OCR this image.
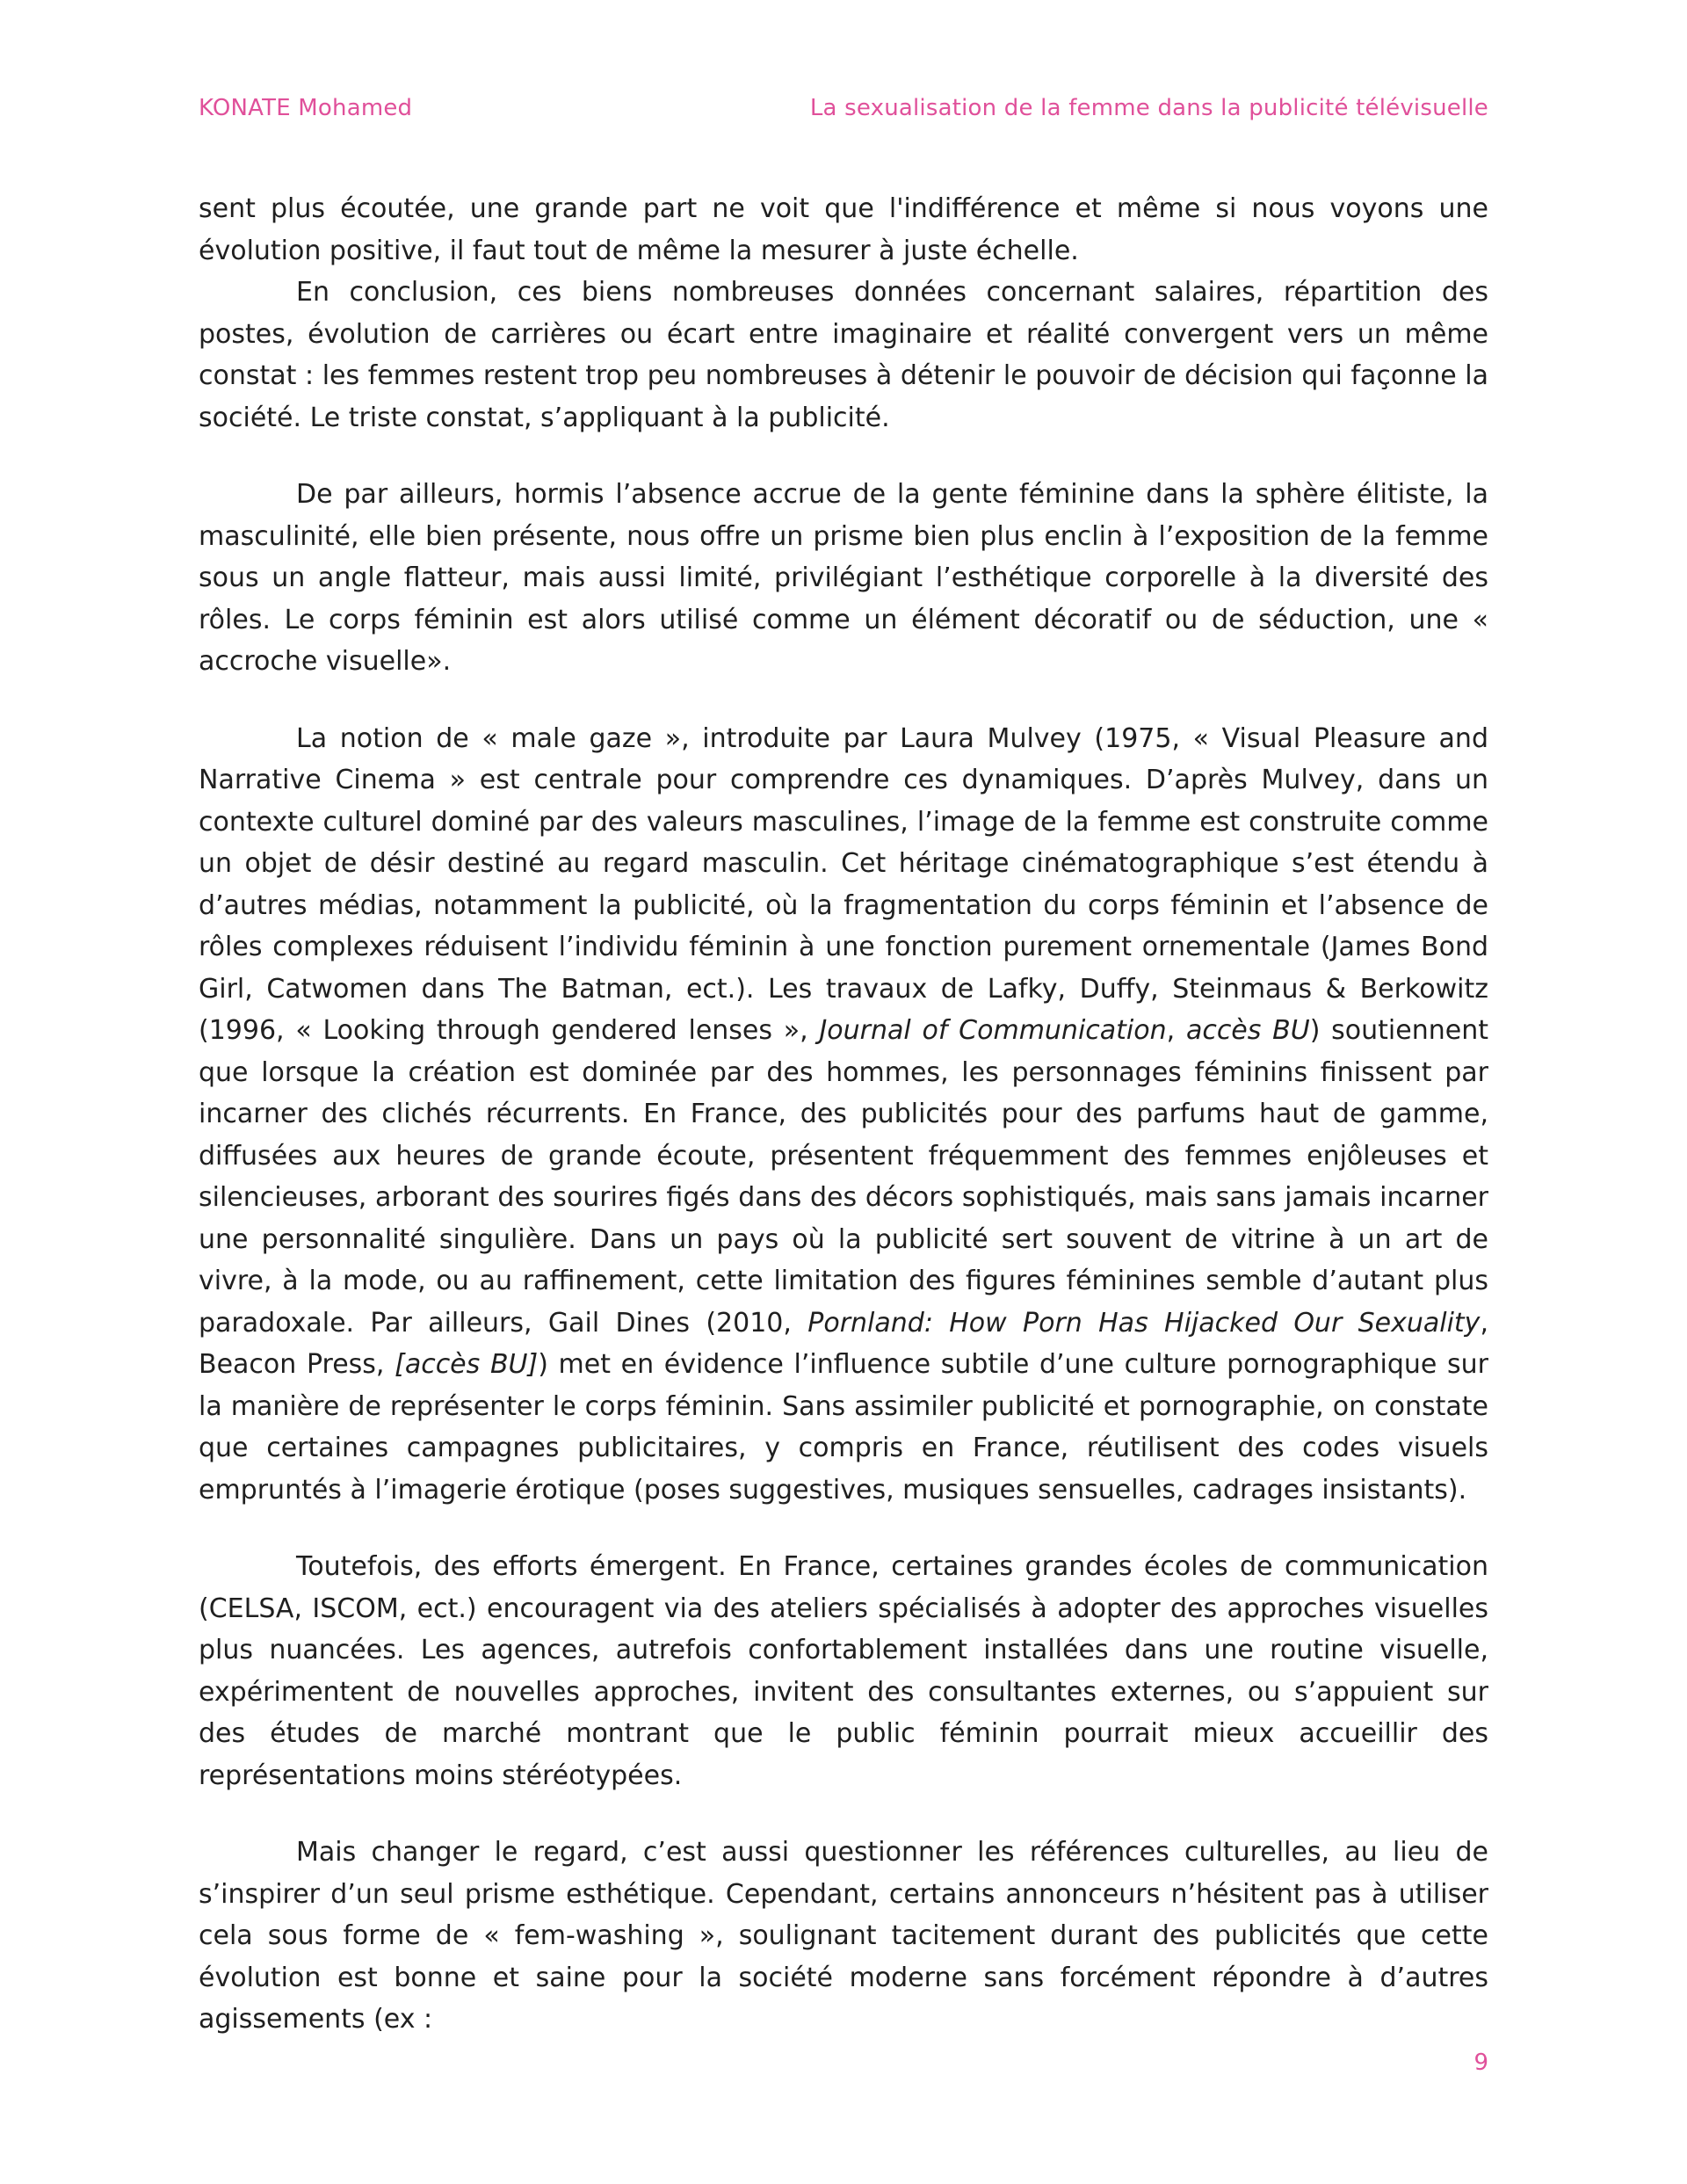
KONATE Mohamed	La sexualisation de la femme dans la publicité télévisuelle

sent plus écoutée, une grande part ne voit que l'indifférence et même si nous voyons une évolution positive, il faut tout de même la mesurer à juste échelle.

En conclusion, ces biens nombreuses données concernant salaires, répartition des postes, évolution de carrières ou écart entre imaginaire et réalité convergent vers un même constat : les femmes restent trop peu nombreuses à détenir le pouvoir de décision qui façonne la société. Le triste constat, s’appliquant à la publicité.

De par ailleurs, hormis l’absence accrue de la gente féminine dans la sphère élitiste, la masculinité, elle bien présente, nous offre un prisme bien plus enclin à l’exposition de la femme sous un angle flatteur, mais aussi limité, privilégiant l’esthétique corporelle à la diversité des rôles. Le corps féminin est alors utilisé comme un élément décoratif ou de séduction, une « accroche visuelle».

La notion de « male gaze », introduite par Laura Mulvey (1975, « Visual Pleasure and Narrative Cinema » est centrale pour comprendre ces dynamiques. D’après Mulvey, dans un contexte culturel dominé par des valeurs masculines, l’image de la femme est construite comme un objet de désir destiné au regard masculin. Cet héritage cinématographique s’est étendu à d’autres médias, notamment la publicité, où la fragmentation du corps féminin et l’absence de rôles complexes réduisent l’individu féminin à une fonction purement ornementale (James Bond Girl, Catwomen dans The Batman, ect.). Les travaux de Lafky, Duffy, Steinmaus & Berkowitz (1996, « Looking through gendered lenses », Journal of Communication, accès BU) soutiennent que lorsque la création est dominée par des hommes, les personnages féminins finissent par incarner des clichés récurrents. En France, des publicités pour des parfums haut de gamme, diffusées aux heures de grande écoute, présentent fréquemment des femmes enjôleuses et silencieuses, arborant des sourires figés dans des décors sophistiqués, mais sans jamais incarner une personnalité singulière. Dans un pays où la publicité sert souvent de vitrine à un art de vivre, à la mode, ou au raffinement, cette limitation des figures féminines semble d’autant plus paradoxale. Par ailleurs, Gail Dines (2010, Pornland: How Porn Has Hijacked Our Sexuality, Beacon Press, [accès BU]) met en évidence l’influence subtile d’une culture pornographique sur la manière de représenter le corps féminin. Sans assimiler publicité et pornographie, on constate que certaines campagnes publicitaires, y compris en France, réutilisent des codes visuels empruntés à l’imagerie érotique (poses suggestives, musiques sensuelles, cadrages insistants).

Toutefois, des efforts émergent. En France, certaines grandes écoles de communication (CELSA, ISCOM, ect.) encouragent via des ateliers spécialisés à adopter des approches visuelles plus nuancées. Les agences, autrefois confortablement installées dans une routine visuelle, expérimentent de nouvelles approches, invitent des consultantes externes, ou s’appuient sur des études de marché montrant que le public féminin pourrait mieux accueillir des représentations moins stéréotypées.

Mais changer le regard, c’est aussi questionner les références culturelles, au lieu de s’inspirer d’un seul prisme esthétique. Cependant, certains annonceurs n’hésitent pas à utiliser cela sous forme de « fem-washing », soulignant tacitement durant des publicités que cette évolution est bonne et saine pour la société moderne sans forcément répondre à d’autres agissements (ex :

9
